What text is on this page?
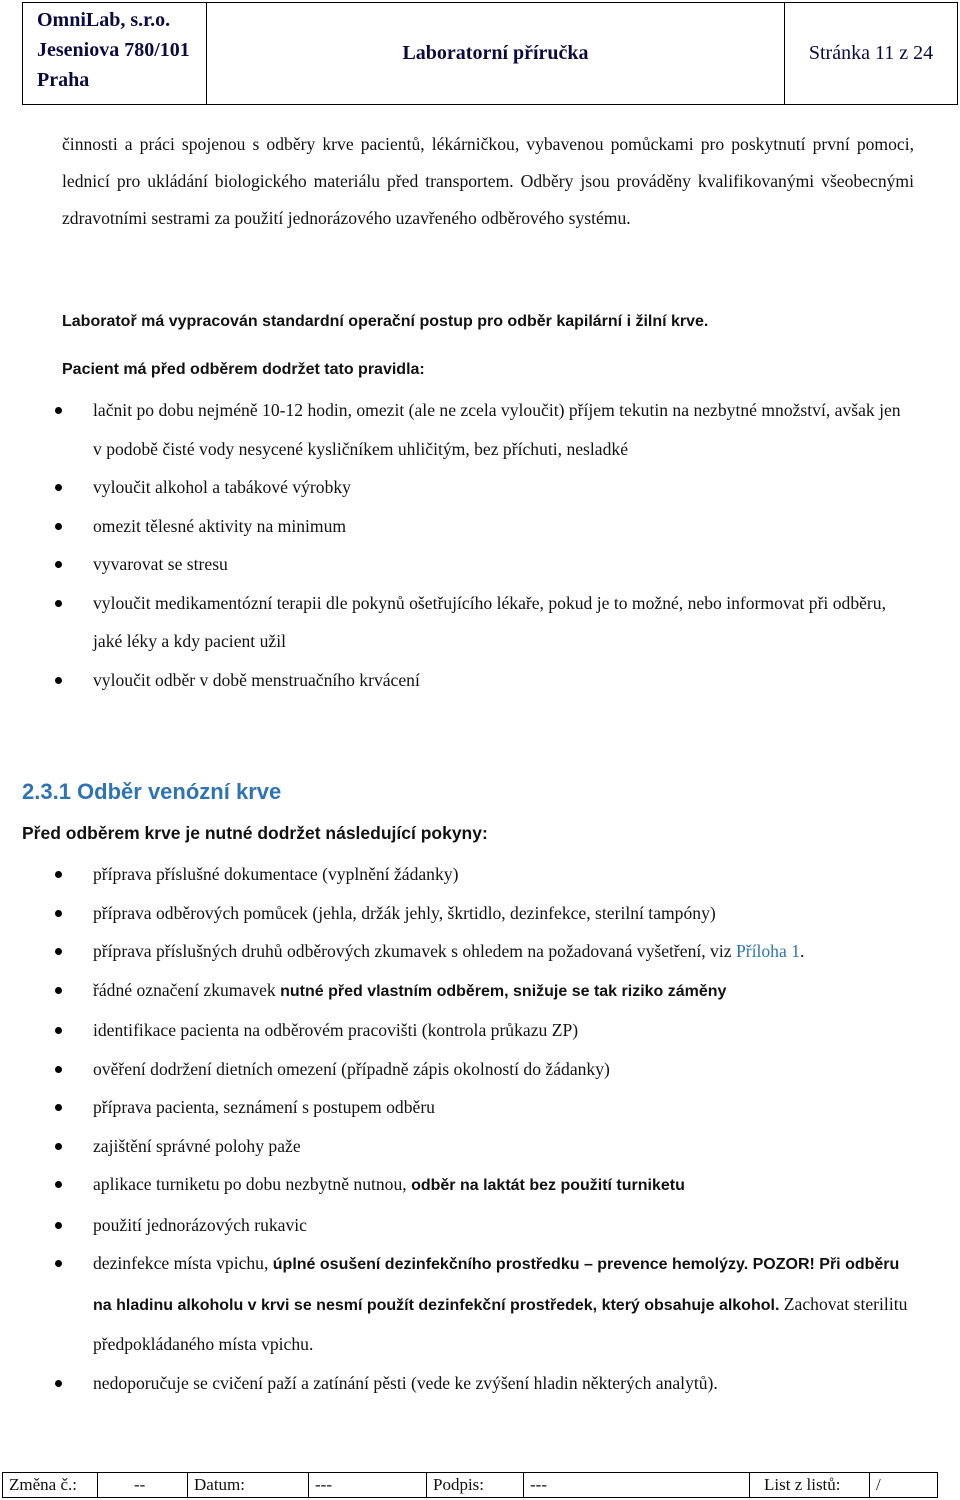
OmniLab, s.r.o.
Jeseniova 780/101
Praha
Laboratorní příručka	Stránka 11 z 24
činnosti a práci spojenou s odběry krve pacientů, lékárničkou, vybavenou pomůckami pro poskytnutí první pomoci, lednicí pro ukládání biologického materiálu před transportem. Odběry jsou prováděny kvalifikovanými všeobecnými zdravotními sestrami za použití jednorázového uzavřeného odběrového systému.
Laboratoř má vypracován standardní operační postup pro odběr kapilární i žilní krve.
Pacient má před odběrem dodržet tato pravidla:
lačnit po dobu nejméně 10-12 hodin, omezit (ale ne zcela vyloučit) příjem tekutin na nezbytné množství, avšak jen v podobě čisté vody nesycené kysličníkem uhličitým, bez příchuti, nesladké
vyloučit alkohol a tabákové výrobky
omezit tělesné aktivity na minimum
vyvarovat se stresu
vyloučit medikamentózní terapii dle pokynů ošetřujícího lékaře, pokud je to možné, nebo informovat při odběru, jaké léky a kdy pacient užil
vyloučit odběr v době menstruačního krvácení
2.3.1 Odběr venózní krve
Před odběrem krve je nutné dodržet následující pokyny:
příprava příslušné dokumentace (vyplnění žádanky)
příprava odběrových pomůcek (jehla, držák jehly, škrtidlo, dezinfekce, sterilní tampóny)
příprava příslušných druhů odběrových zkumavek s ohledem na požadovaná vyšetření, viz Příloha 1.
řádné označení zkumavek nutné před vlastním odběrem, snižuje se tak riziko záměny
identifikace pacienta na odběrovém pracovišti (kontrola průkazu ZP)
ověření dodržení dietních omezení (případně zápis okolností do žádanky)
příprava pacienta, seznámení s postupem odběru
zajištění správné polohy paže
aplikace turniketu po dobu nezbytně nutnou, odběr na laktát bez použití turniketu
použití jednorázových rukavic
dezinfekce místa vpichu, úplné osušení dezinfekčního prostředku – prevence hemolýzy. POZOR! Při odběru na hladinu alkoholu v krvi se nesmí použít dezinfekční prostředek, který obsahuje alkohol. Zachovat sterilitu předpokládaného místa vpichu.
nedoporučuje se cvičení paží a zatínání pěsti (vede ke zvýšení hladin některých analytů).
Změna č.:	--	Datum:	---	Podpis:	---	List z listů:	/
